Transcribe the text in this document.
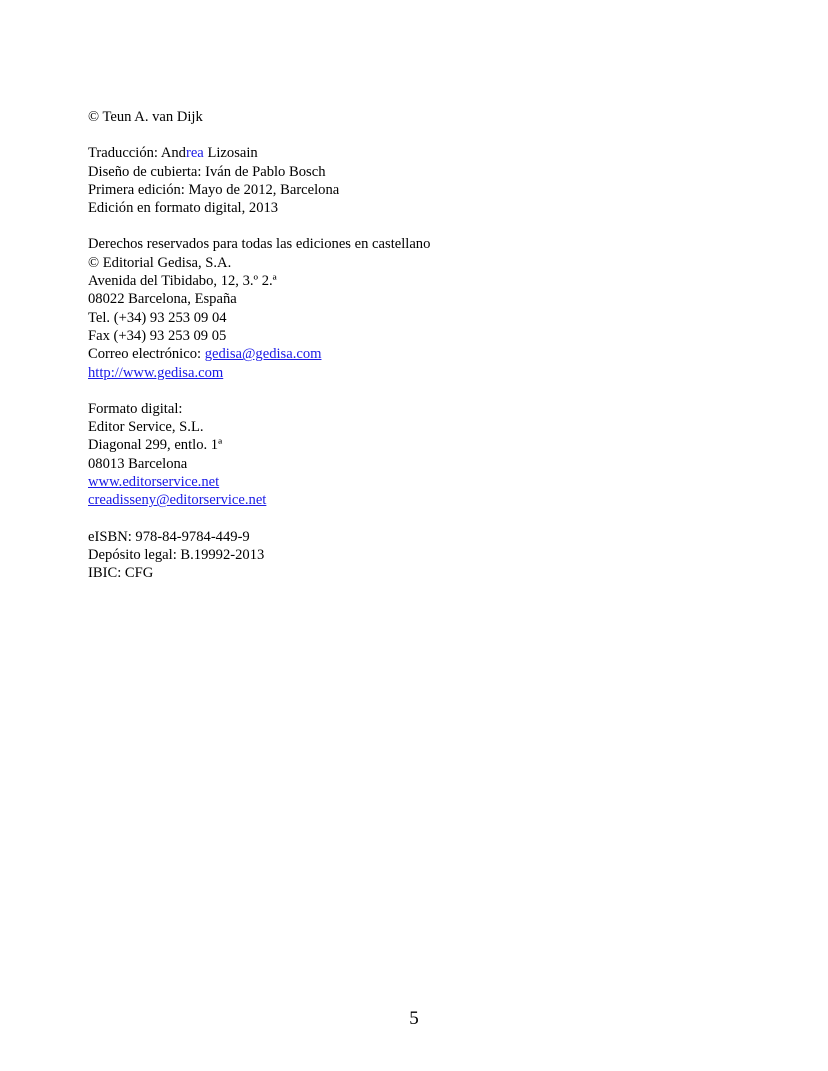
© Teun A. van Dijk
Traducción: Andrea Lizosain
Diseño de cubierta: Iván de Pablo Bosch
Primera edición: Mayo de 2012, Barcelona
Edición en formato digital, 2013
Derechos reservados para todas las ediciones en castellano
© Editorial Gedisa, S.A.
Avenida del Tibidabo, 12, 3.º 2.ª
08022 Barcelona, España
Tel. (+34) 93 253 09 04
Fax (+34) 93 253 09 05
Correo electrónico: gedisa@gedisa.com
http://www.gedisa.com
Formato digital:
Editor Service, S.L.
Diagonal 299, entlo. 1ª
08013 Barcelona
www.editorservice.net
creadisseny@editorservice.net
eISBN: 978-84-9784-449-9
Depósito legal: B.19992-2013
IBIC: CFG
5
